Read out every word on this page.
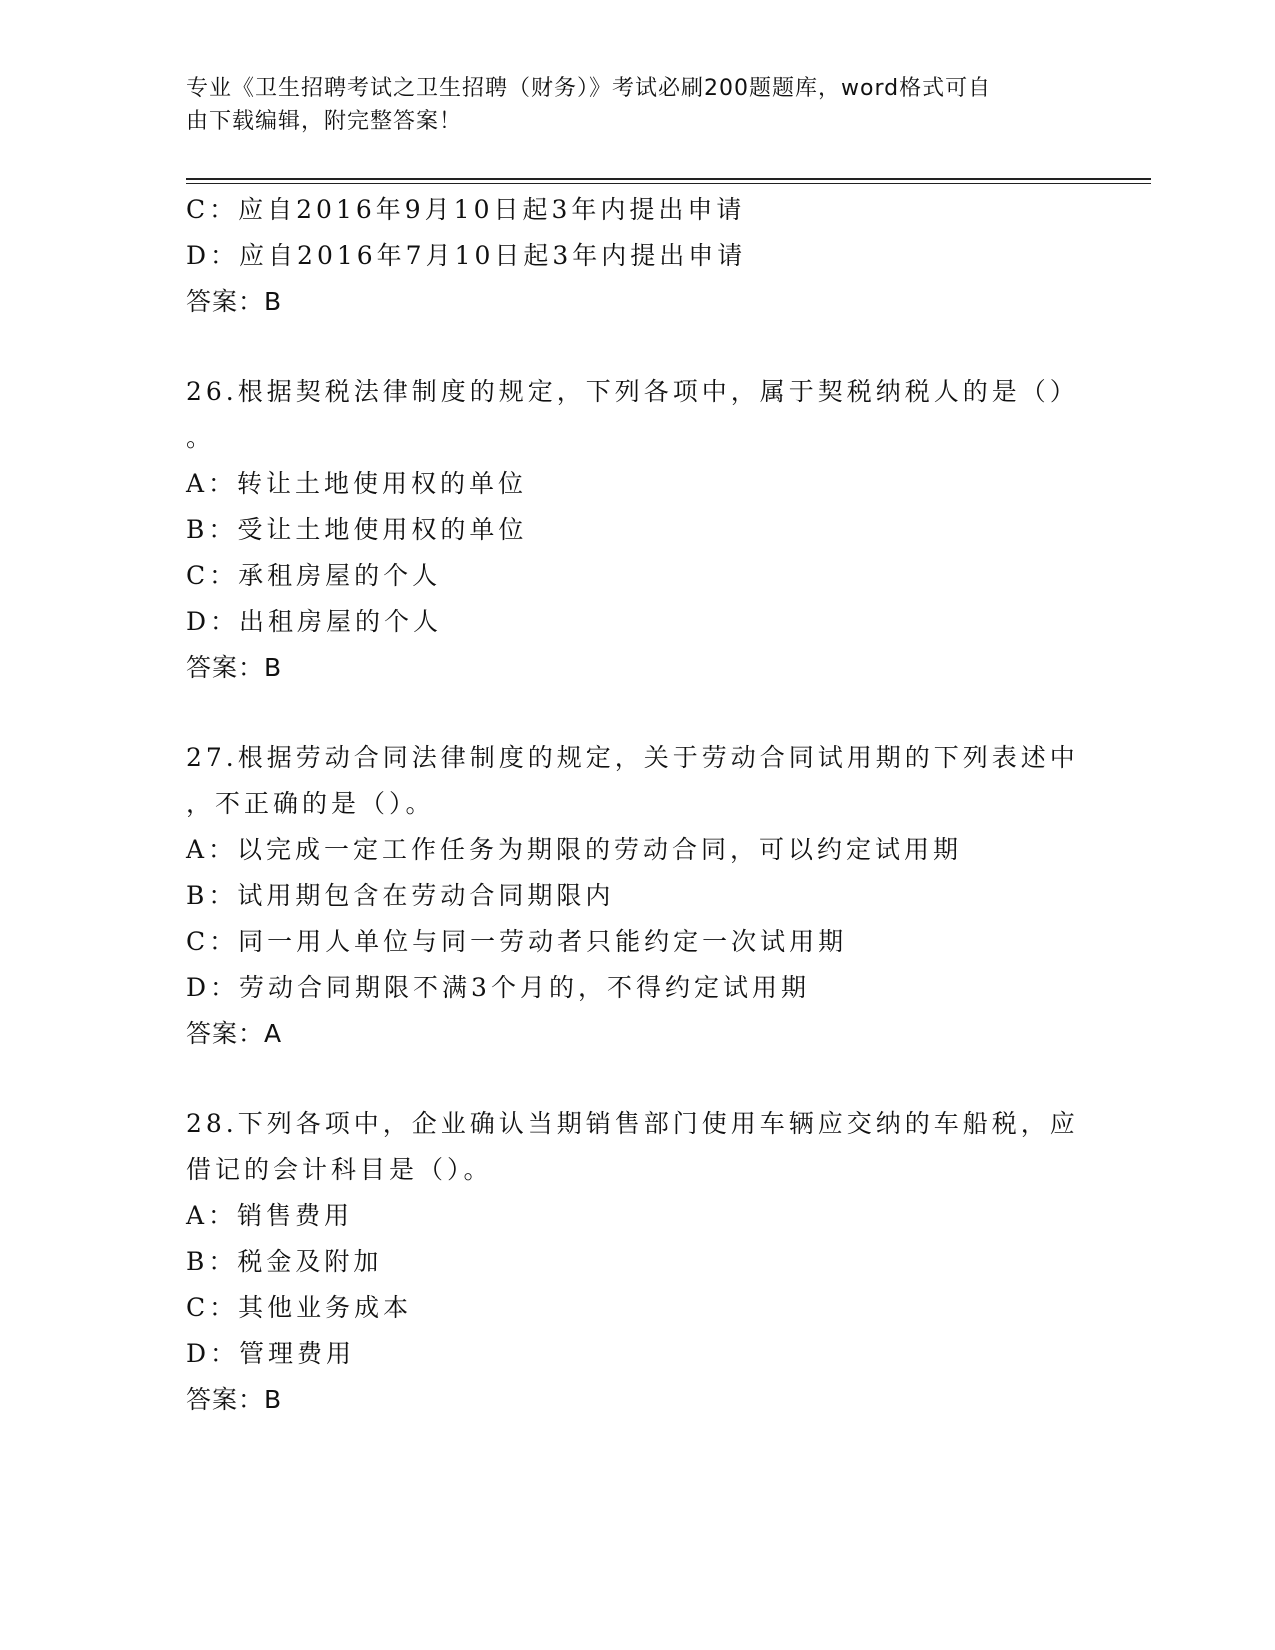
专业《卫生招聘考试之卫生招聘（财务）》考试必刷200题题库，word格式可自
由下载编辑，附完整答案！
C：应自2016年9月10日起3年内提出申请
D：应自2016年7月10日起3年内提出申请
答案：B
26.根据契税法律制度的规定，下列各项中，属于契税纳税人的是（）
。
A：转让土地使用权的单位
B：受让土地使用权的单位
C：承租房屋的个人
D：出租房屋的个人
答案：B
27.根据劳动合同法律制度的规定，关于劳动合同试用期的下列表述中
，不正确的是（）。
A：以完成一定工作任务为期限的劳动合同，可以约定试用期
B：试用期包含在劳动合同期限内
C：同一用人单位与同一劳动者只能约定一次试用期
D：劳动合同期限不满3个月的，不得约定试用期
答案：A
28.下列各项中，企业确认当期销售部门使用车辆应交纳的车船税，应
借记的会计科目是（）。
A：销售费用
B：税金及附加
C：其他业务成本
D：管理费用
答案：B
